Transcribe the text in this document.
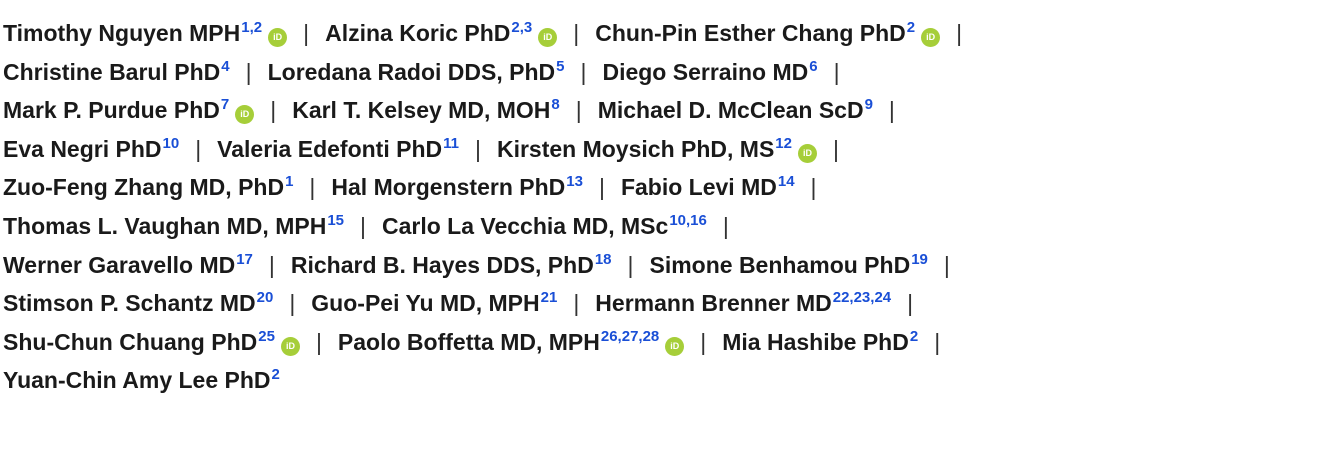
Timothy Nguyen MPH$^{1,2}$iD | Alzina Koric PhD$^{2,3}$iD | Chun-Pin Esther Chang PhD$^2$iD |
Christine Barul PhD$^4$ | Loredana Radoi DDS, PhD$^5$ | Diego Serraino MD$^6$ |
Mark P. Purdue PhD$^7$iD | Karl T. Kelsey MD, MOH$^8$ | Michael D. McClean ScD$^9$ |
Eva Negri PhD$^{10}$ | Valeria Edefonti PhD$^{11}$ | Kirsten Moysich PhD, MS$^{12}$iD |
Zuo-Feng Zhang MD, PhD$^1$ | Hal Morgenstern PhD$^{13}$ | Fabio Levi MD$^{14}$ |
Thomas L. Vaughan MD, MPH$^{15}$ | Carlo La Vecchia MD, MSc$^{10,16}$ |
Werner Garavello MD$^{17}$ | Richard B. Hayes DDS, PhD$^{18}$ | Simone Benhamou PhD$^{19}$ |
Stimson P. Schantz MD$^{20}$ | Guo-Pei Yu MD, MPH$^{21}$ | Hermann Brenner MD$^{22,23,24}$ |
Shu-Chun Chuang PhD$^{25}$iD | Paolo Boffetta MD, MPH$^{26,27,28}$iD | Mia Hashibe PhD$^2$ |
Yuan-Chin Amy Lee PhD$^2$
